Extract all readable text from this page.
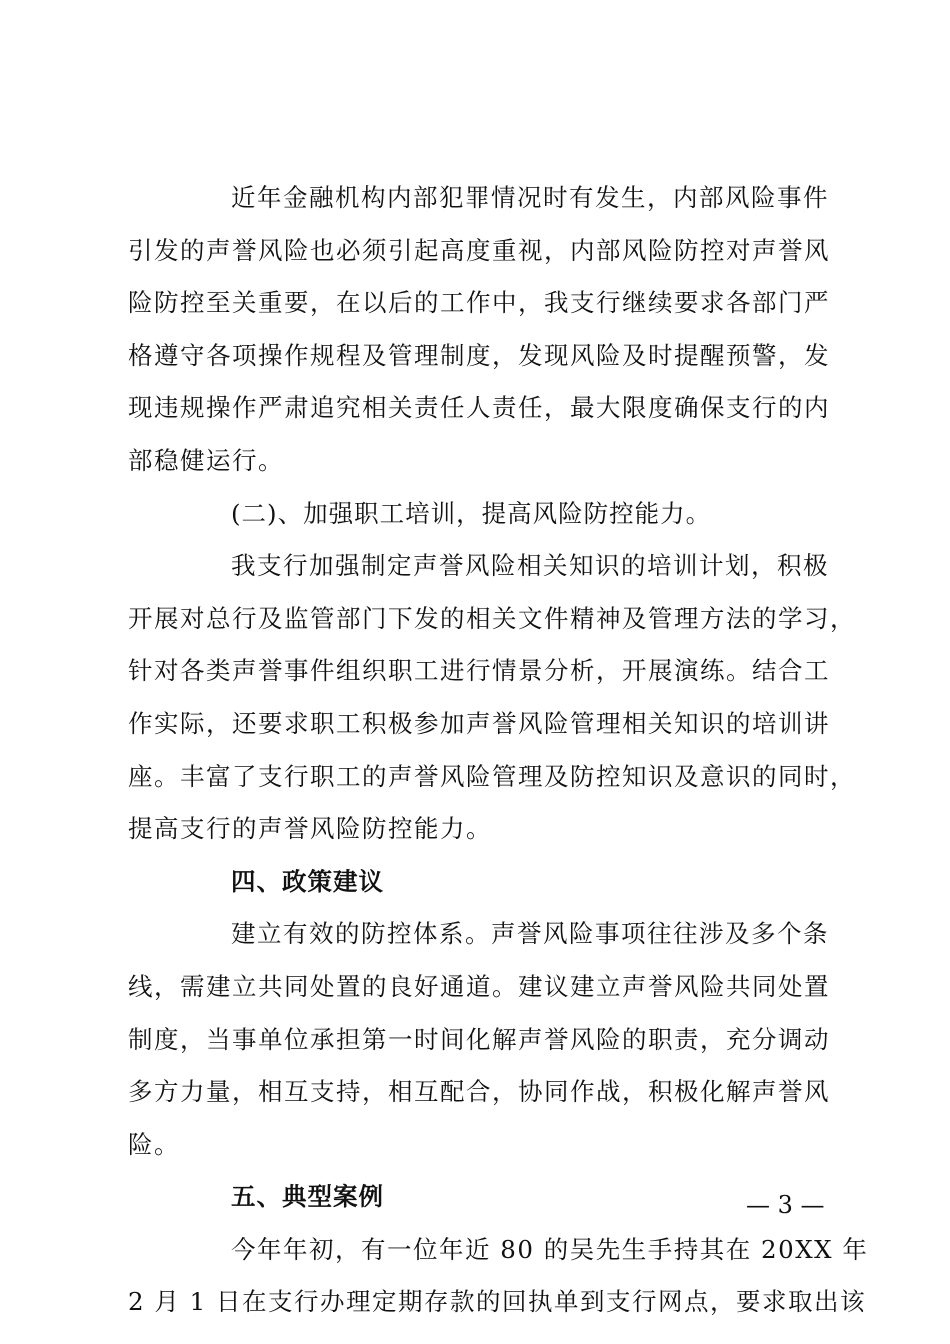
近年金融机构内部犯罪情况时有发生，内部风险事件
引发的声誉风险也必须引起高度重视，内部风险防控对声誉风
险防控至关重要，在以后的工作中，我支行继续要求各部门严
格遵守各项操作规程及管理制度，发现风险及时提醒预警，发
现违规操作严肃追究相关责任人责任，最大限度确保支行的内
部稳健运行。
(二)、加强职工培训，提高风险防控能力。
我支行加强制定声誉风险相关知识的培训计划，积极
开展对总行及监管部门下发的相关文件精神及管理方法的学习，
针对各类声誉事件组织职工进行情景分析，开展演练。结合工
作实际，还要求职工积极参加声誉风险管理相关知识的培训讲
座。丰富了支行职工的声誉风险管理及防控知识及意识的同时，
提高支行的声誉风险防控能力。
四、政策建议
建立有效的防控体系。声誉风险事项往往涉及多个条
线，需建立共同处置的良好通道。建议建立声誉风险共同处置
制度，当事单位承担第一时间化解声誉风险的职责，充分调动
多方力量，相互支持，相互配合，协同作战，积极化解声誉风
险。
五、典型案例
今年年初，有一位年近 80 的吴先生手持其在 20XX 年
2 月 1 日在支行办理定期存款的回执单到支行网点，要求取出该
— 3 —
